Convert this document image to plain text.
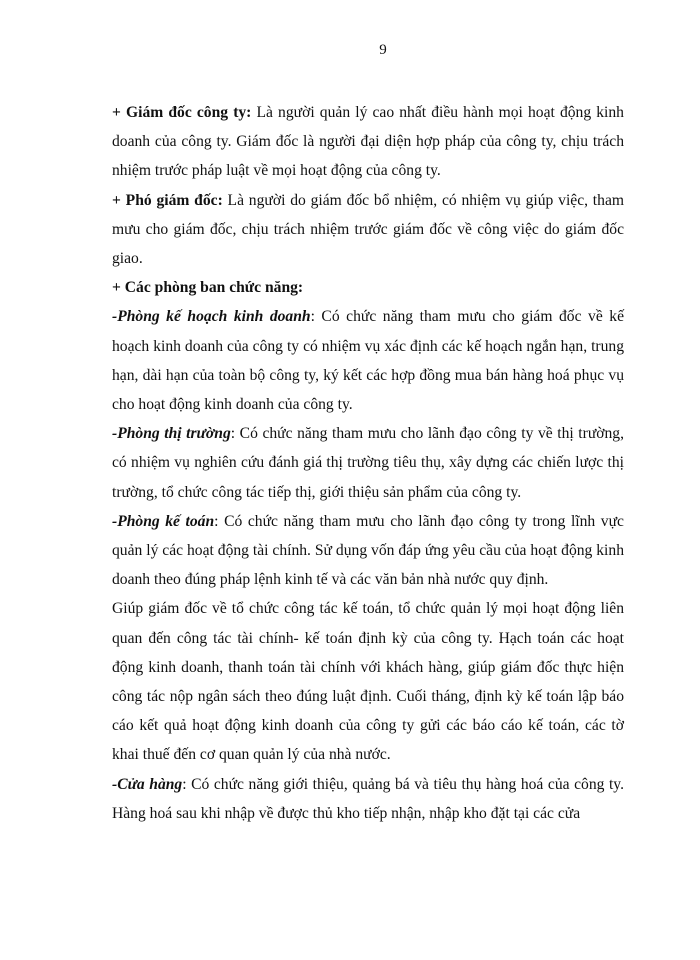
9

+ Giám đốc công ty: Là người quản lý cao nhất điều hành mọi hoạt động kinh doanh của công ty. Giám đốc là người đại diện hợp pháp của công ty, chịu trách nhiệm trước pháp luật về mọi hoạt động của công ty.

+ Phó giám đốc: Là người do giám đốc bổ nhiệm, có nhiệm vụ giúp việc, tham mưu cho giám đốc, chịu trách nhiệm trước giám đốc về công việc do giám đốc giao.

+ Các phòng ban chức năng:

-Phòng kế hoạch kinh doanh: Có chức năng tham mưu cho giám đốc về kế hoạch kinh doanh của công ty có nhiệm vụ xác định các kế hoạch ngắn hạn, trung hạn, dài hạn của toàn bộ công ty, ký kết các hợp đồng mua bán hàng hoá phục vụ cho hoạt động kinh doanh của công ty.

-Phòng thị trường: Có chức năng tham mưu cho lãnh đạo công ty về thị trường, có nhiệm vụ nghiên cứu đánh giá thị trường tiêu thụ, xây dựng các chiến lược thị trường, tổ chức công tác tiếp thị, giới thiệu sản phẩm của công ty.

-Phòng kế toán: Có chức năng tham mưu cho lãnh đạo công ty trong lĩnh vực quản lý các hoạt động tài chính. Sử dụng vốn đáp ứng yêu cầu của hoạt động kinh doanh theo đúng pháp lệnh kinh tế và các văn bản nhà nước quy định.

Giúp giám đốc về tổ chức công tác kế toán, tổ chức quản lý mọi hoạt động liên quan đến công tác tài chính- kế toán định kỳ của công ty. Hạch toán các hoạt động kinh doanh, thanh toán tài chính với khách hàng, giúp giám đốc thực hiện công tác nộp ngân sách theo đúng luật định. Cuối tháng, định kỳ kế toán lập báo cáo kết quả hoạt động kinh doanh của công ty gửi các báo cáo kế toán, các tờ khai thuế đến cơ quan quản lý của nhà nước.

-Cửa hàng: Có chức năng giới thiệu, quảng bá và tiêu thụ hàng hoá của công ty. Hàng hoá sau khi nhập về được thủ kho tiếp nhận, nhập kho đặt tại các cửa
